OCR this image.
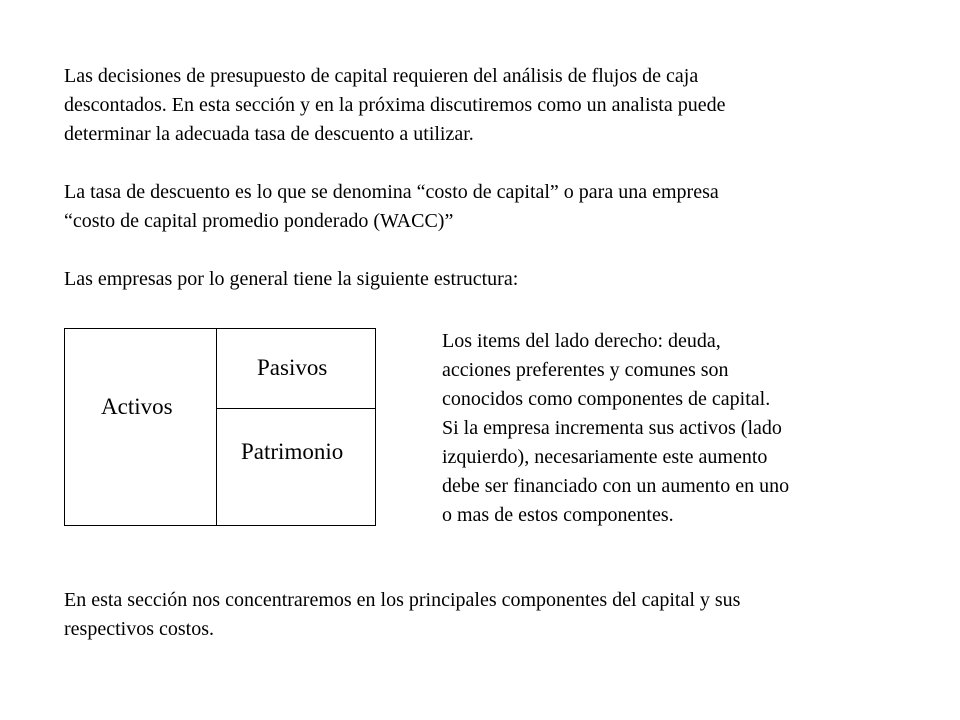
Las decisiones de presupuesto de capital requieren del análisis de flujos de caja
descontados. En esta sección y en la próxima discutiremos como un analista puede
determinar la adecuada tasa de descuento a utilizar.

La tasa de descuento es lo que se denomina “costo de capital” o para una empresa
“costo de capital promedio ponderado (WACC)”

Las empresas por lo general tiene la siguiente estructura:

Activos
Pasivos
Patrimonio

Los items del lado derecho: deuda,
acciones preferentes y comunes son
conocidos como componentes de capital.
Si la empresa incrementa sus activos (lado
izquierdo), necesariamente este aumento
debe ser financiado con un aumento en uno
o mas de estos componentes.

En esta sección nos concentraremos en los principales componentes del capital y sus
respectivos costos.
